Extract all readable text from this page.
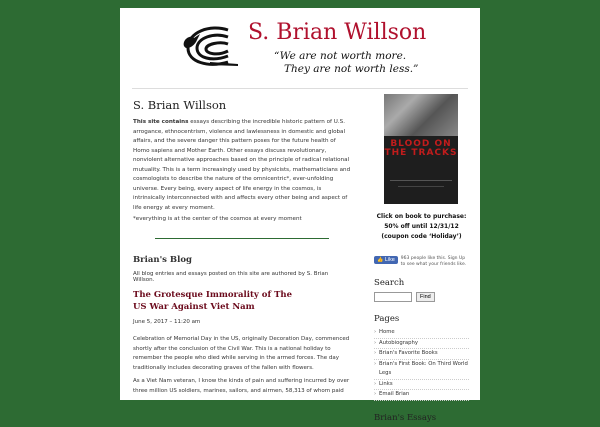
S. Brian Willson
“We are not worth more.
They are not worth less.”
S. Brian Willson

This site contains essays describing the incredible historic pattern of U.S. arrogance, ethnocentrism, violence and lawlessness in domestic and global affairs, and the severe danger this pattern poses for the future health of Homo sapiens and Mother Earth. Other essays discuss revolutionary, nonviolent alternative approaches based on the principle of radical relational mutuality. This is a term increasingly used by physicists, mathematicians and cosmologists to describe the nature of the omnicentric*, ever-unfolding universe. Every being, every aspect of life energy in the cosmos, is intrinsically interconnected with and affects every other being and aspect of life energy at every moment.

*everything is at the center of the cosmos at every moment
Brian's Blog
All blog entries and essays posted on this site are authored by S. Brian Willson.
The Grotesque Immorality of The US War Against Viet Nam
June 5, 2017 – 11:20 am

Celebration of Memorial Day in the US, originally Decoration Day, commenced shortly after the conclusion of the Civil War. This is a national holiday to remember the people who died while serving in the armed forces. The day traditionally includes decorating graves of the fallen with flowers.

As a Viet Nam veteran, I know the kinds of pain and suffering incurred by over three million US soldiers, marines, sailors, and airmen, 58,313 of whom paid

BLOOD ON THE TRACKS
Click on book to purchase:
50% off until 12/31/12
(coupon code ‘Holiday’)
👍 Like	963 people like this. Sign Up to see what your friends like.
Search
Find
Pages
› Home
› Autobiography
› Brian's Favorite Books
› Brian's First Book: On Third World Legs
› Links
› Email Brian
Brian's Essays
